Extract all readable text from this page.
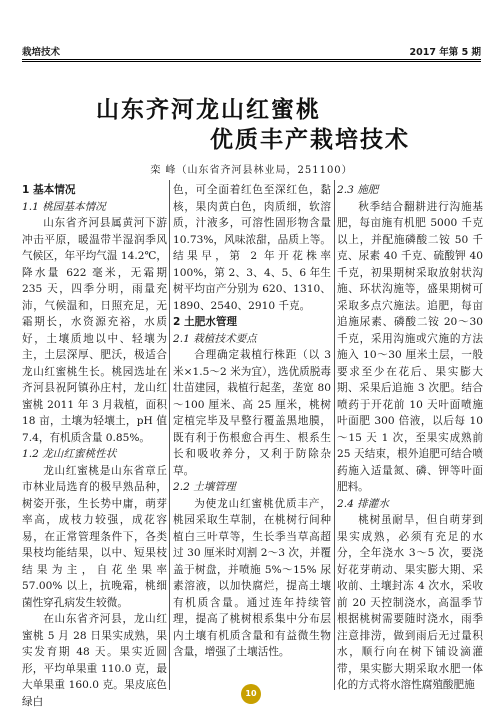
栽培技术	2017 年第 5 期
山东齐河龙山红蜜桃
优质丰产栽培技术
栾 峰（山东省齐河县林业局，251100）
1 基本情况
1.1 桃园基本情况
山东省齐河县属黄河下游冲击平原，暖温带半湿润季风气候区，年平均气温 14.2℃，降水量 622 毫米，无霜期 235 天，四季分明，雨量充沛，气候温和，日照充足，无霜期长，水资源充裕，水质好，土壤质地以中、轻壤为主，土层深厚、肥沃，极适合龙山红蜜桃生长。桃园选址在齐河县祝阿镇孙庄村，龙山红蜜桃 2011 年 3 月栽植，面积 18 亩，土壤为轻壤土，pH 值 7.4，有机质含量 0.85%。
1.2 龙山红蜜桃性状
龙山红蜜桃是山东省章丘市林业局选育的极早熟品种，树姿开张，生长势中庸，萌芽率高，成枝力较强，成花容易，在正常管理条件下，各类果枝均能结果，以中、短果枝结果为主，自花坐果率 57.00% 以上，抗晚霜，桃细菌性穿孔病发生较微。
在山东省齐河县，龙山红蜜桃 5 月 28 日果实成熟，果实发育期 48 天。果实近圆形，平均单果重 110.0 克，最大单果重 160.0 克。果皮底色绿白
色，可全面着红色至深红色，黏核，果肉黄白色，肉质细，软溶质，汁液多，可溶性固形物含量 10.73%，风味浓甜，品质上等。结果早，第 2 年开花株率 100%，第 2、3、4、5、6 年生树平均亩产分别为 620、1310、1890、2540、2910 千克。
2 土肥水管理
2.1 栽植技术要点
合理确定栽植行株距（以 3 米×1.5～2 米为宜），选优质脱毒壮苗建园，栽植行起垄，垄宽 80～100 厘米、高 25 厘米，桃树定植完毕及早整行覆盖黑地膜，既有利于伤根愈合再生、根系生长和吸收养分，又利于防除杂草。
2.2 土壤管理
为使龙山红蜜桃优质丰产，桃园采取生草制，在桃树行间种植白三叶草等，生长季当草高超过 30 厘米时刈割 2～3 次，并覆盖于树盘，并喷施 5%～15% 尿素溶液，以加快腐烂，提高土壤有机质含量。通过连年持续管理，提高了桃树根系集中分布层内土壤有机质含量和有益微生物含量，增强了土壤活性。
2.3 施肥
秋季结合翻耕进行沟施基肥，每亩施有机肥 5000 千克以上，并配施磷酸二铵 50 千克、尿素 40 千克、硫酸钾 40 千克，初果期树采取放射状沟施、环状沟施等，盛果期树可采取多点穴施法。追肥，每亩追施尿素、磷酸二铵 20～30 千克，采用沟施或穴施的方法施入 10～30 厘米土层，一般要求至少在花后、果实膨大期、采果后追施 3 次肥。结合喷药于开花前 10 天叶面喷施叶面肥 300 倍液，以后每 10～15 天 1 次，至果实成熟前 25 天结束，根外追肥可结合喷药施入适量氮、磷、钾等叶面肥料。
2.4 排灌水
桃树虽耐旱，但自萌芽到果实成熟，必须有充足的水分，全年浇水 3～5 次，要浇好花芽萌动、果实膨大期、采收前、土壤封冻 4 次水，采收前 20 天控制浇水，高温季节根据桃树需要随时浇水，雨季注意排涝，做到雨后无过量积水，顺行向在树下铺设滴灌带，果实膨大期采取水肥一体化的方式将水溶性腐殖酸肥施
10
